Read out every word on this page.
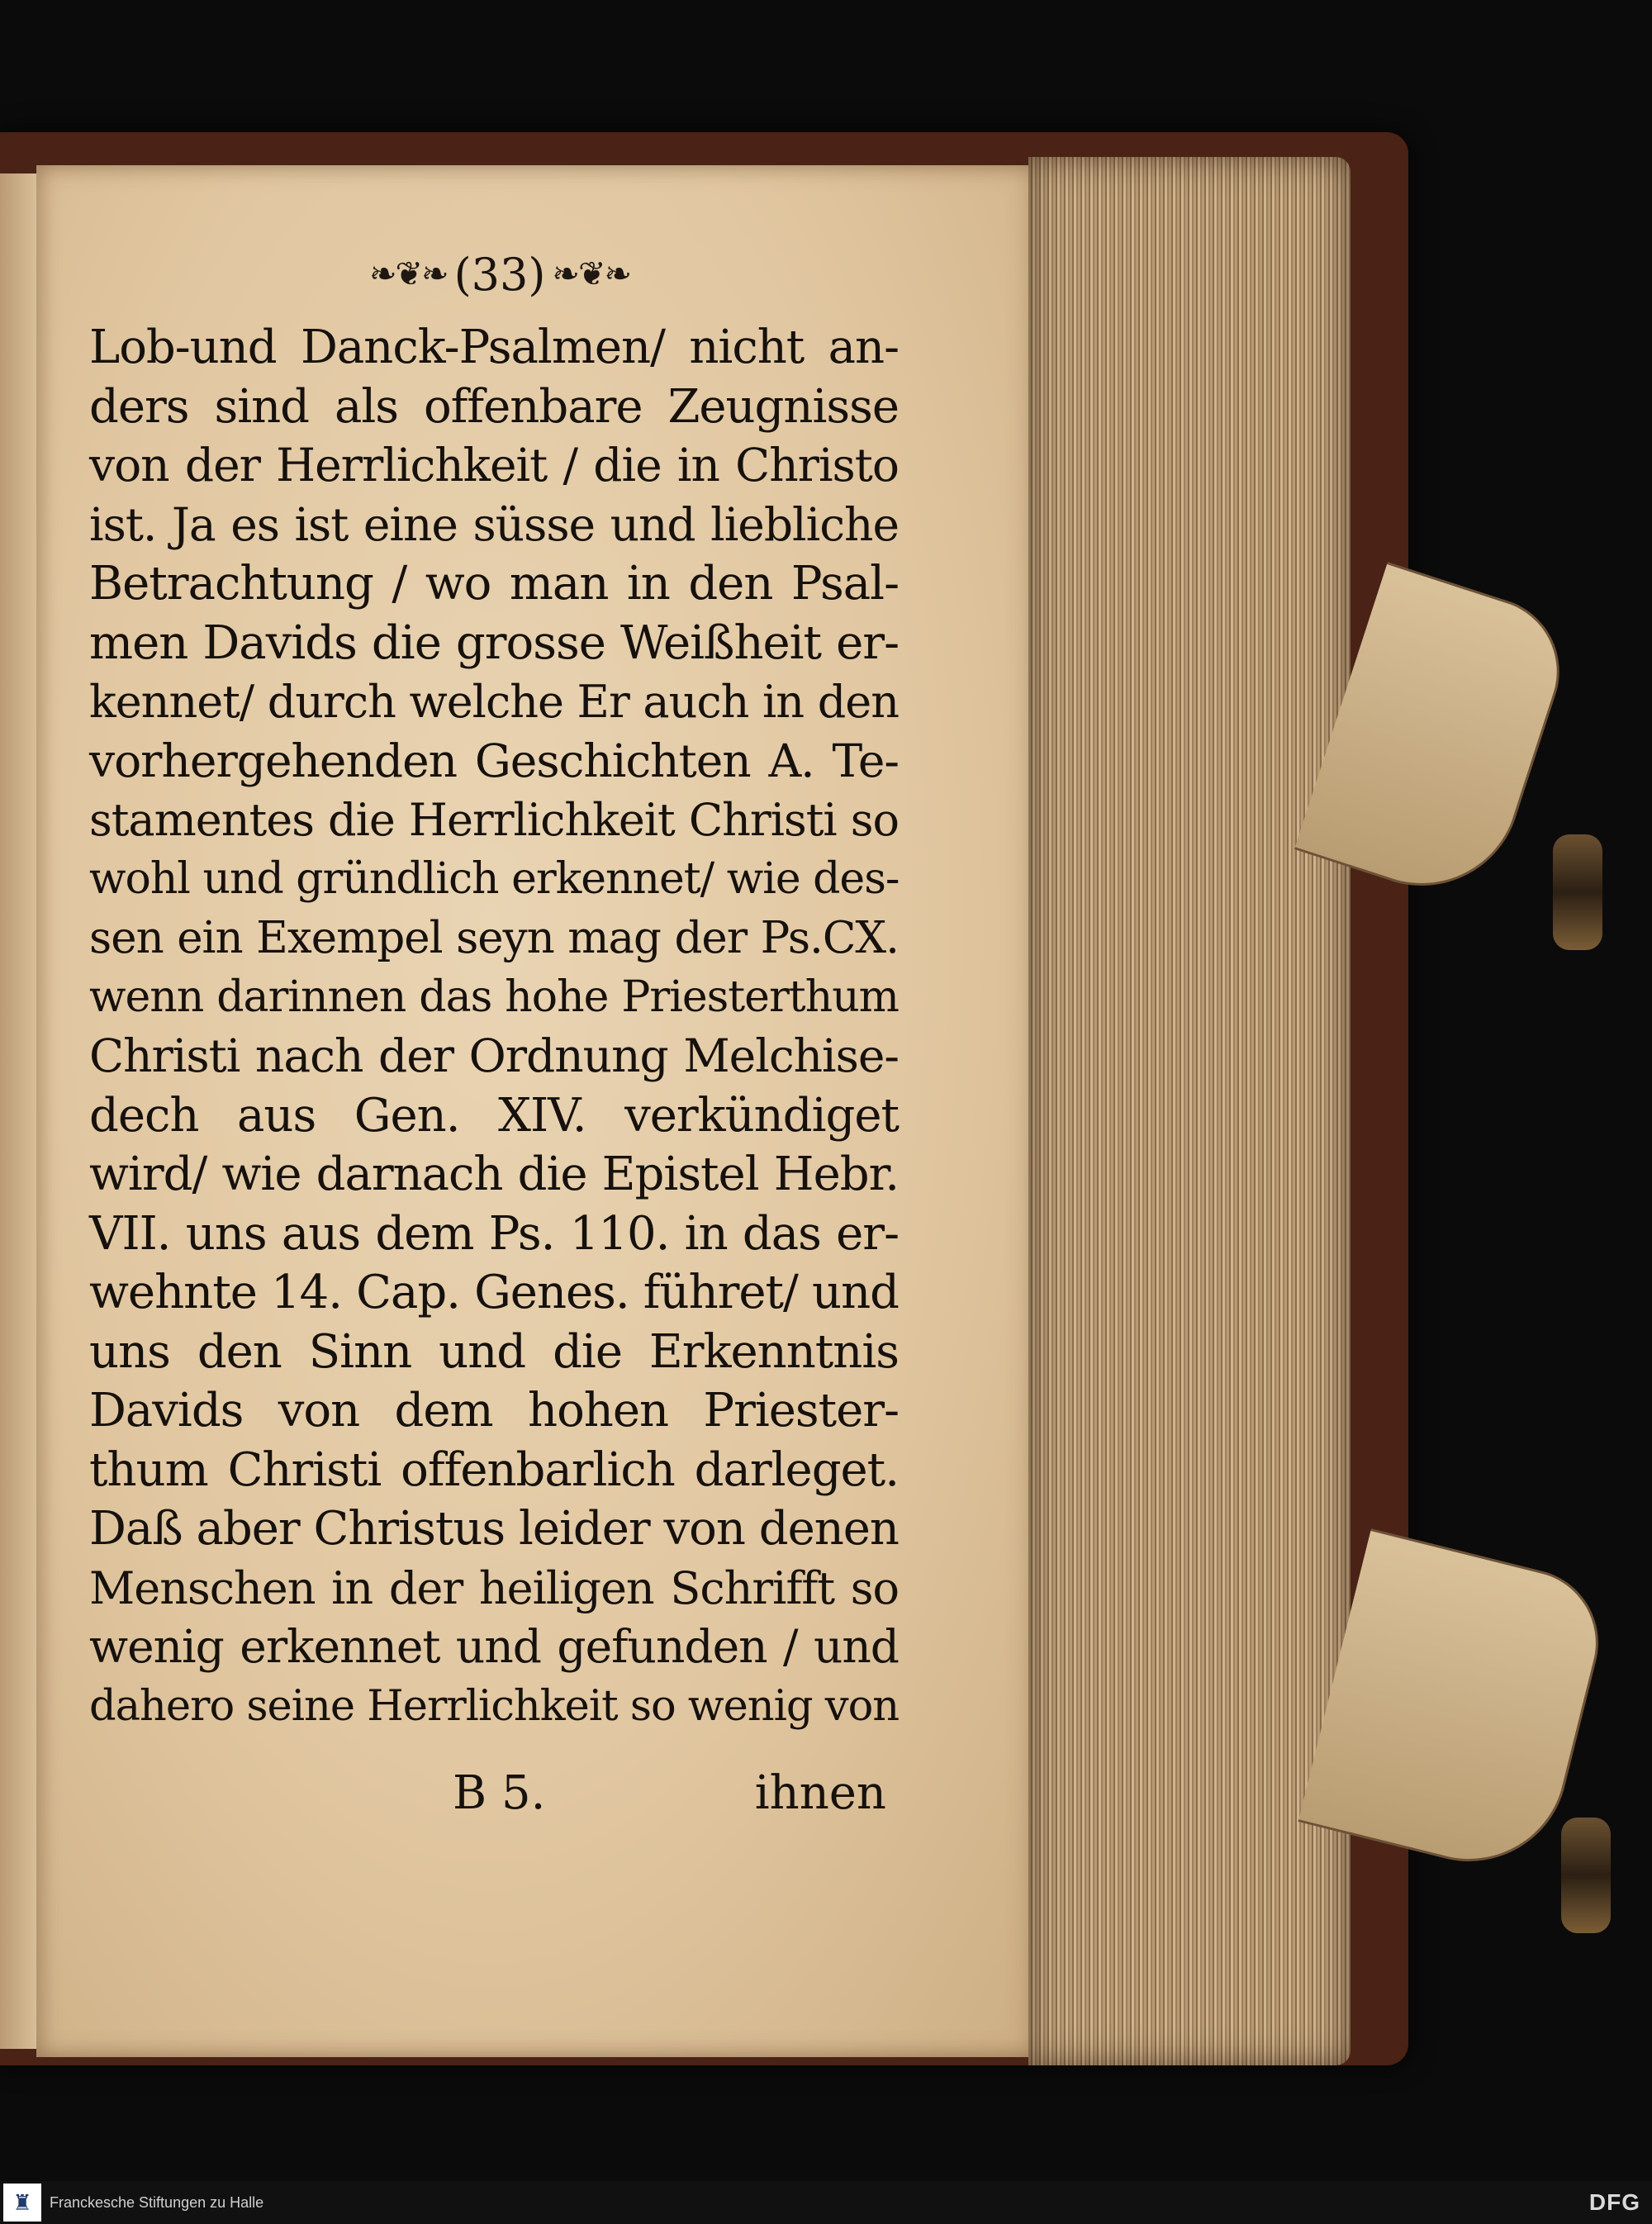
❧❦❧ (33) ❧❦❧
Lob-und Danck-Psalmen/ nicht an-
ders sind als offenbare Zeugnisse
von der Herrlichkeit / die in Christo
ist. Ja es ist eine süsse und liebliche
Betrachtung / wo man in den Psal-
men Davids die grosse Weißheit er-
kennet/ durch welche Er auch in den
vorhergehenden Geschichten A. Te-
stamentes die Herrlichkeit Christi so
wohl und gründlich erkennet/ wie des-
sen ein Exempel seyn mag der Ps.CX.
wenn darinnen das hohe Priesterthum
Christi nach der Ordnung Melchise-
dech aus Gen. XIV. verkündiget
wird/ wie darnach die Epistel Hebr.
VII. uns aus dem Ps. 110. in das er-
wehnte 14. Cap. Genes. führet/ und
uns den Sinn und die Erkenntnis
Davids von dem hohen Priester-
thum Christi offenbarlich darleget.
Daß aber Christus leider von denen
Menschen in der heiligen Schrifft so
wenig erkennet und gefunden / und
dahero seine Herrlichkeit so wenig von
B 5.	ihnen
♜ Franckesche Stiftungen zu Halle	DFG
